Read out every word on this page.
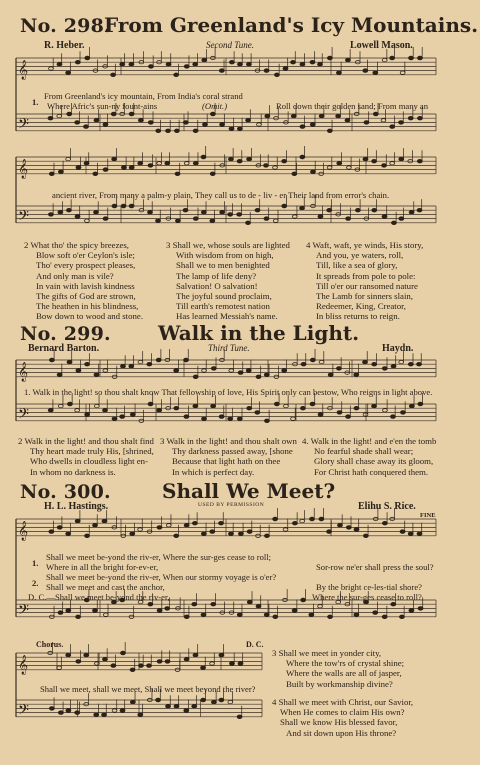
𝄞
𝄢
𝄞
𝄢
𝄞
𝄢
𝄞
𝄢
𝄞
𝄢
No. 298.
From Greenland's Icy Mountains.
R. Heber.	Second Tune.	Lowell Mason.
1.
From Greenland's icy mountain, From India's coral strand
Where Afric's sun-ny fount-ains	(Omit.)	Roll down their golden sand; From many an
ancient river, From many a palm-y plain, They call us to de - liv - er Their land from error's chain.
2 What tho' the spicy breezes,
Blow soft o'er Ceylon's isle;
Tho' every prospect pleases,
And only man is vile?
In vain with lavish kindness
The gifts of God are strown,
The heathen in his blindness,
Bow down to wood and stone.
3 Shall we, whose souls are lighted
With wisdom from on high,
Shall we to men benighted
The lamp of life deny?
Salvation! O salvation!
The joyful sound proclaim,
Till earth's remotest nation
Has learned Messiah's name.
4 Waft, waft, ye winds, His story,
And you, ye waters, roll,
Till, like a sea of glory,
It spreads from pole to pole:
Till o'er our ransomed nature
The Lamb for sinners slain,
Redeemer, King, Creator,
In bliss returns to reign.
No. 299. Walk in the Light.
Bernard Barton.	Third Tune.	Haydn.
1. Walk in the light! so thou shalt know That fellowship of love, His Spirit only can bestow, Who reigns in light above.
2 Walk in the light! and thou shalt find
Thy heart made truly His, [shrined,
Who dwells in cloudless light en-
In whom no darkness is.
3 Walk in the light! and thou shalt own
Thy darkness passed away, [shone
Because that light hath on thee
In which is perfect day.
4. Walk in the light! and e'en the tomb
No fearful shade shall wear;
Glory shall chase away its gloom,
For Christ hath conquered them.
No. 300.	Shall We Meet?
H. L. Hastings.	USED BY PERMISSION	Elihu S. Rice.
FINE
1.
Shall we meet be-yond the riv-er, Where the sur-ges cease to roll;
Where in all the bright for-ev-er,	Sor-row ne'er shall press the soul?
2.
Shall we meet be-yond the riv-er, When our stormy voyage is o'er?
Shall we meet and cast the anchor,	By the bright ce-les-tial shore?
D. C.—Shall we meet be-yond the riv-er,	Where the sur-ges cease to roll?
Chorus.	D. C.
Shall we meet, shall we meet, Shall we meet beyond the river?
3 Shall we meet in yonder city,
Where the tow'rs of crystal shine;
Where the walls are all of jasper,
Built by workmanship divine?
4 Shall we meet with Christ, our Savior,
When He comes to claim His own?
Shall we know His blessed favor,
And sit down upon His throne?
